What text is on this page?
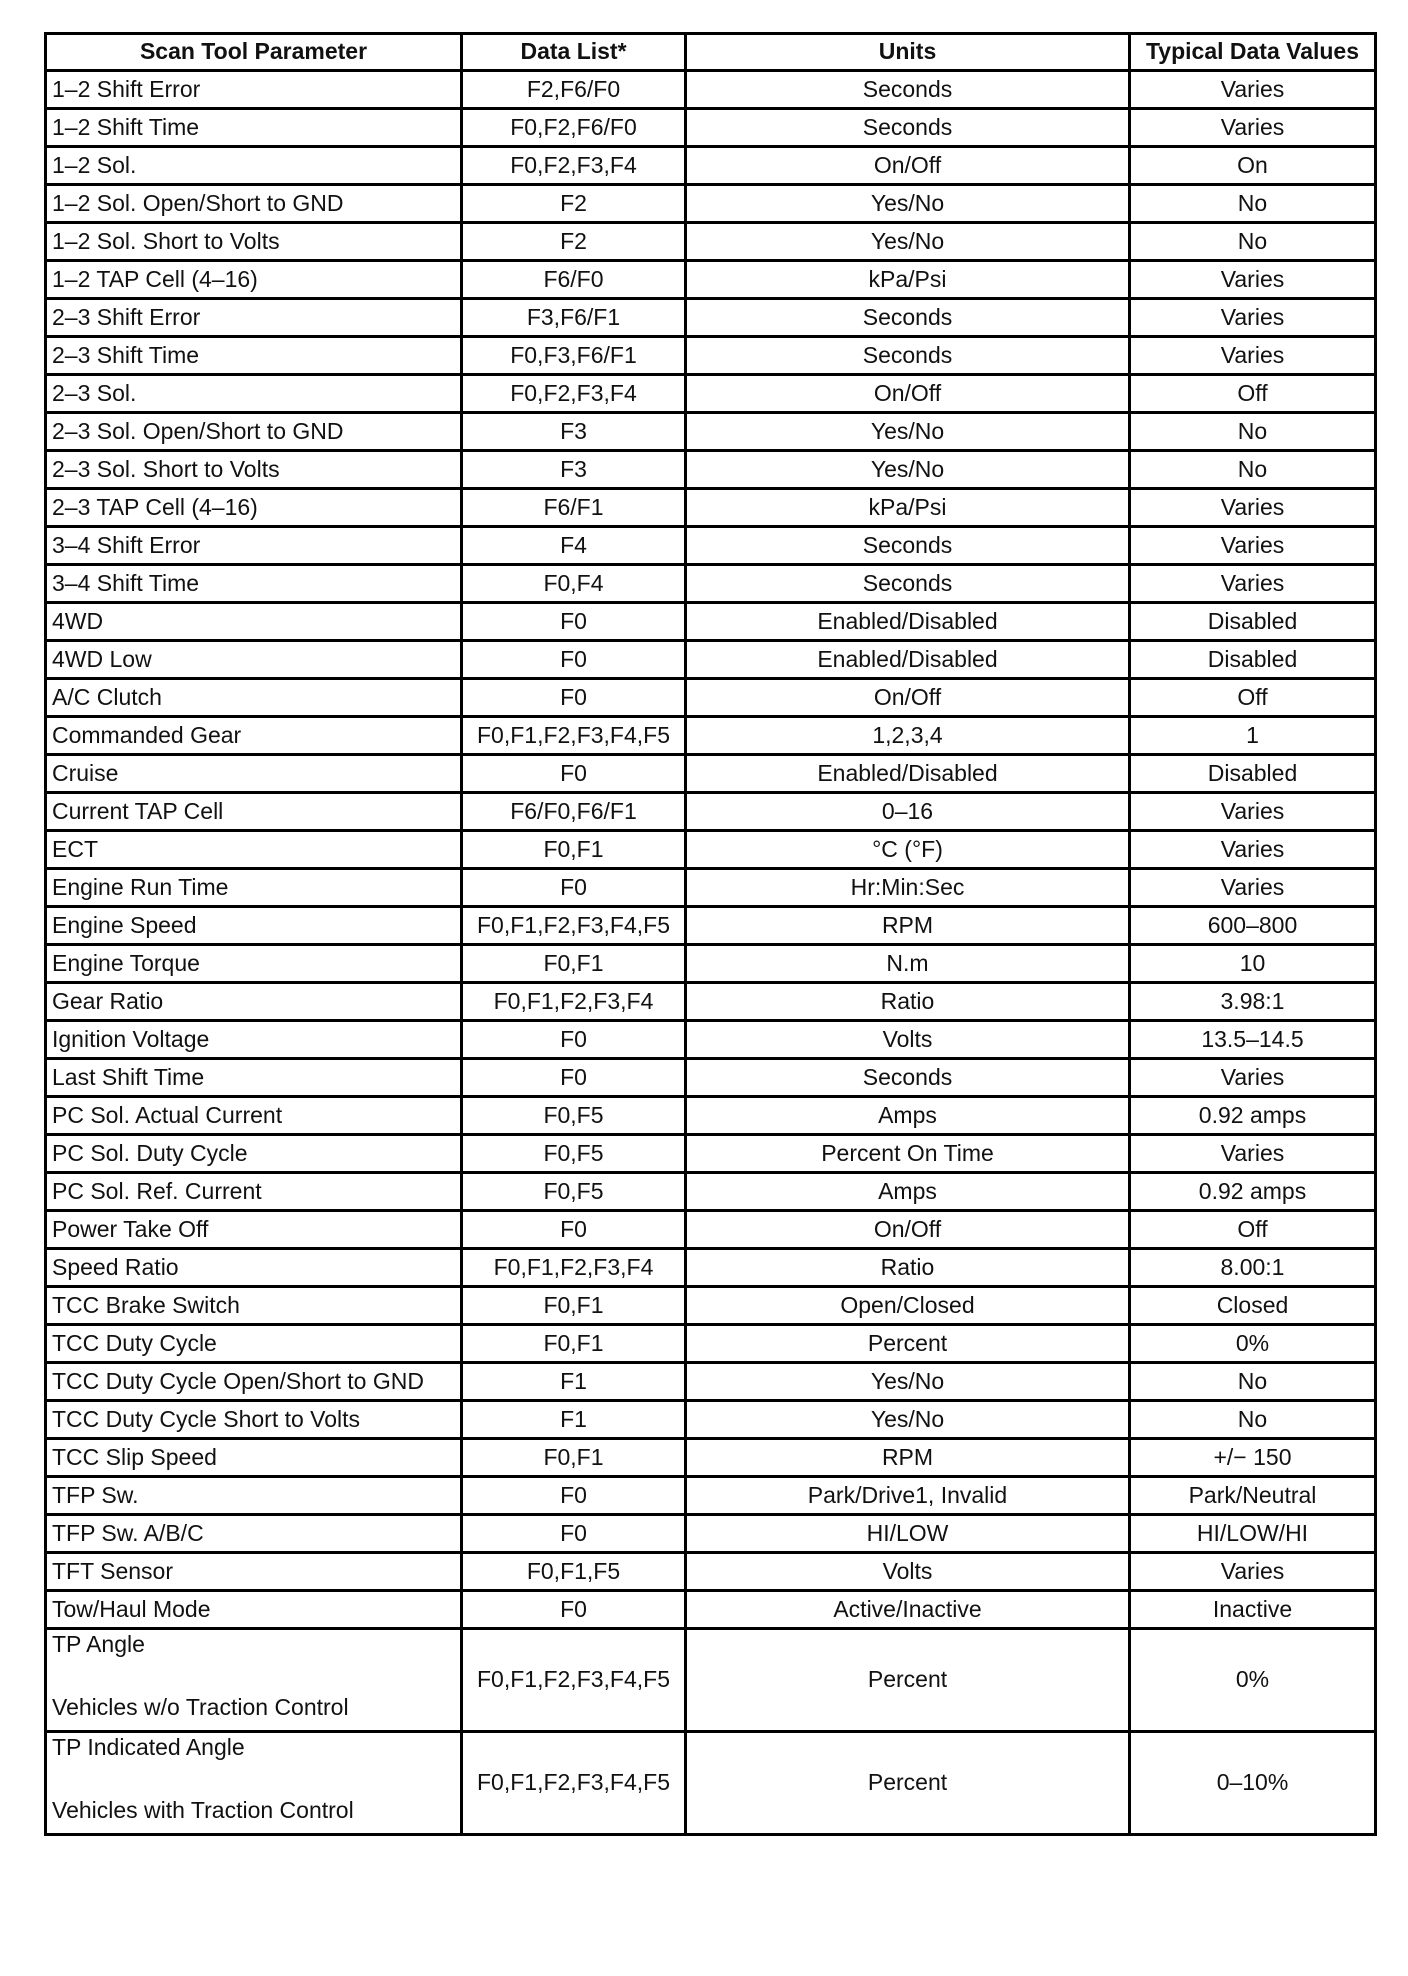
Scan Tool Parameter	Data List*	Units	Typical Data Values
1–2 Shift Error	F2,F6/F0	Seconds	Varies
1–2 Shift Time	F0,F2,F6/F0	Seconds	Varies
1–2 Sol.	F0,F2,F3,F4	On/Off	On
1–2 Sol. Open/Short to GND	F2	Yes/No	No
1–2 Sol. Short to Volts	F2	Yes/No	No
1–2 TAP Cell (4–16)	F6/F0	kPa/Psi	Varies
2–3 Shift Error	F3,F6/F1	Seconds	Varies
2–3 Shift Time	F0,F3,F6/F1	Seconds	Varies
2–3 Sol.	F0,F2,F3,F4	On/Off	Off
2–3 Sol. Open/Short to GND	F3	Yes/No	No
2–3 Sol. Short to Volts	F3	Yes/No	No
2–3 TAP Cell (4–16)	F6/F1	kPa/Psi	Varies
3–4 Shift Error	F4	Seconds	Varies
3–4 Shift Time	F0,F4	Seconds	Varies
4WD	F0	Enabled/Disabled	Disabled
4WD Low	F0	Enabled/Disabled	Disabled
A/C Clutch	F0	On/Off	Off
Commanded Gear	F0,F1,F2,F3,F4,F5	1,2,3,4	1
Cruise	F0	Enabled/Disabled	Disabled
Current TAP Cell	F6/F0,F6/F1	0–16	Varies
ECT	F0,F1	°C (°F)	Varies
Engine Run Time	F0	Hr:Min:Sec	Varies
Engine Speed	F0,F1,F2,F3,F4,F5	RPM	600–800
Engine Torque	F0,F1	N.m	10
Gear Ratio	F0,F1,F2,F3,F4	Ratio	3.98:1
Ignition Voltage	F0	Volts	13.5–14.5
Last Shift Time	F0	Seconds	Varies
PC Sol. Actual Current	F0,F5	Amps	0.92 amps
PC Sol. Duty Cycle	F0,F5	Percent On Time	Varies
PC Sol. Ref. Current	F0,F5	Amps	0.92 amps
Power Take Off	F0	On/Off	Off
Speed Ratio	F0,F1,F2,F3,F4	Ratio	8.00:1
TCC Brake Switch	F0,F1	Open/Closed	Closed
TCC Duty Cycle	F0,F1	Percent	0%
TCC Duty Cycle Open/Short to GND	F1	Yes/No	No
TCC Duty Cycle Short to Volts	F1	Yes/No	No
TCC Slip Speed	F0,F1	RPM	+/− 150
TFP Sw.	F0	Park/Drive1, Invalid	Park/Neutral
TFP Sw. A/B/C	F0	HI/LOW	HI/LOW/HI
TFT Sensor	F0,F1,F5	Volts	Varies
Tow/Haul Mode	F0	Active/Inactive	Inactive

TP Angle
Vehicles w/o Traction Control	F0,F1,F2,F3,F4,F5	Percent	0%

TP Indicated Angle
Vehicles with Traction Control	F0,F1,F2,F3,F4,F5	Percent	0–10%
